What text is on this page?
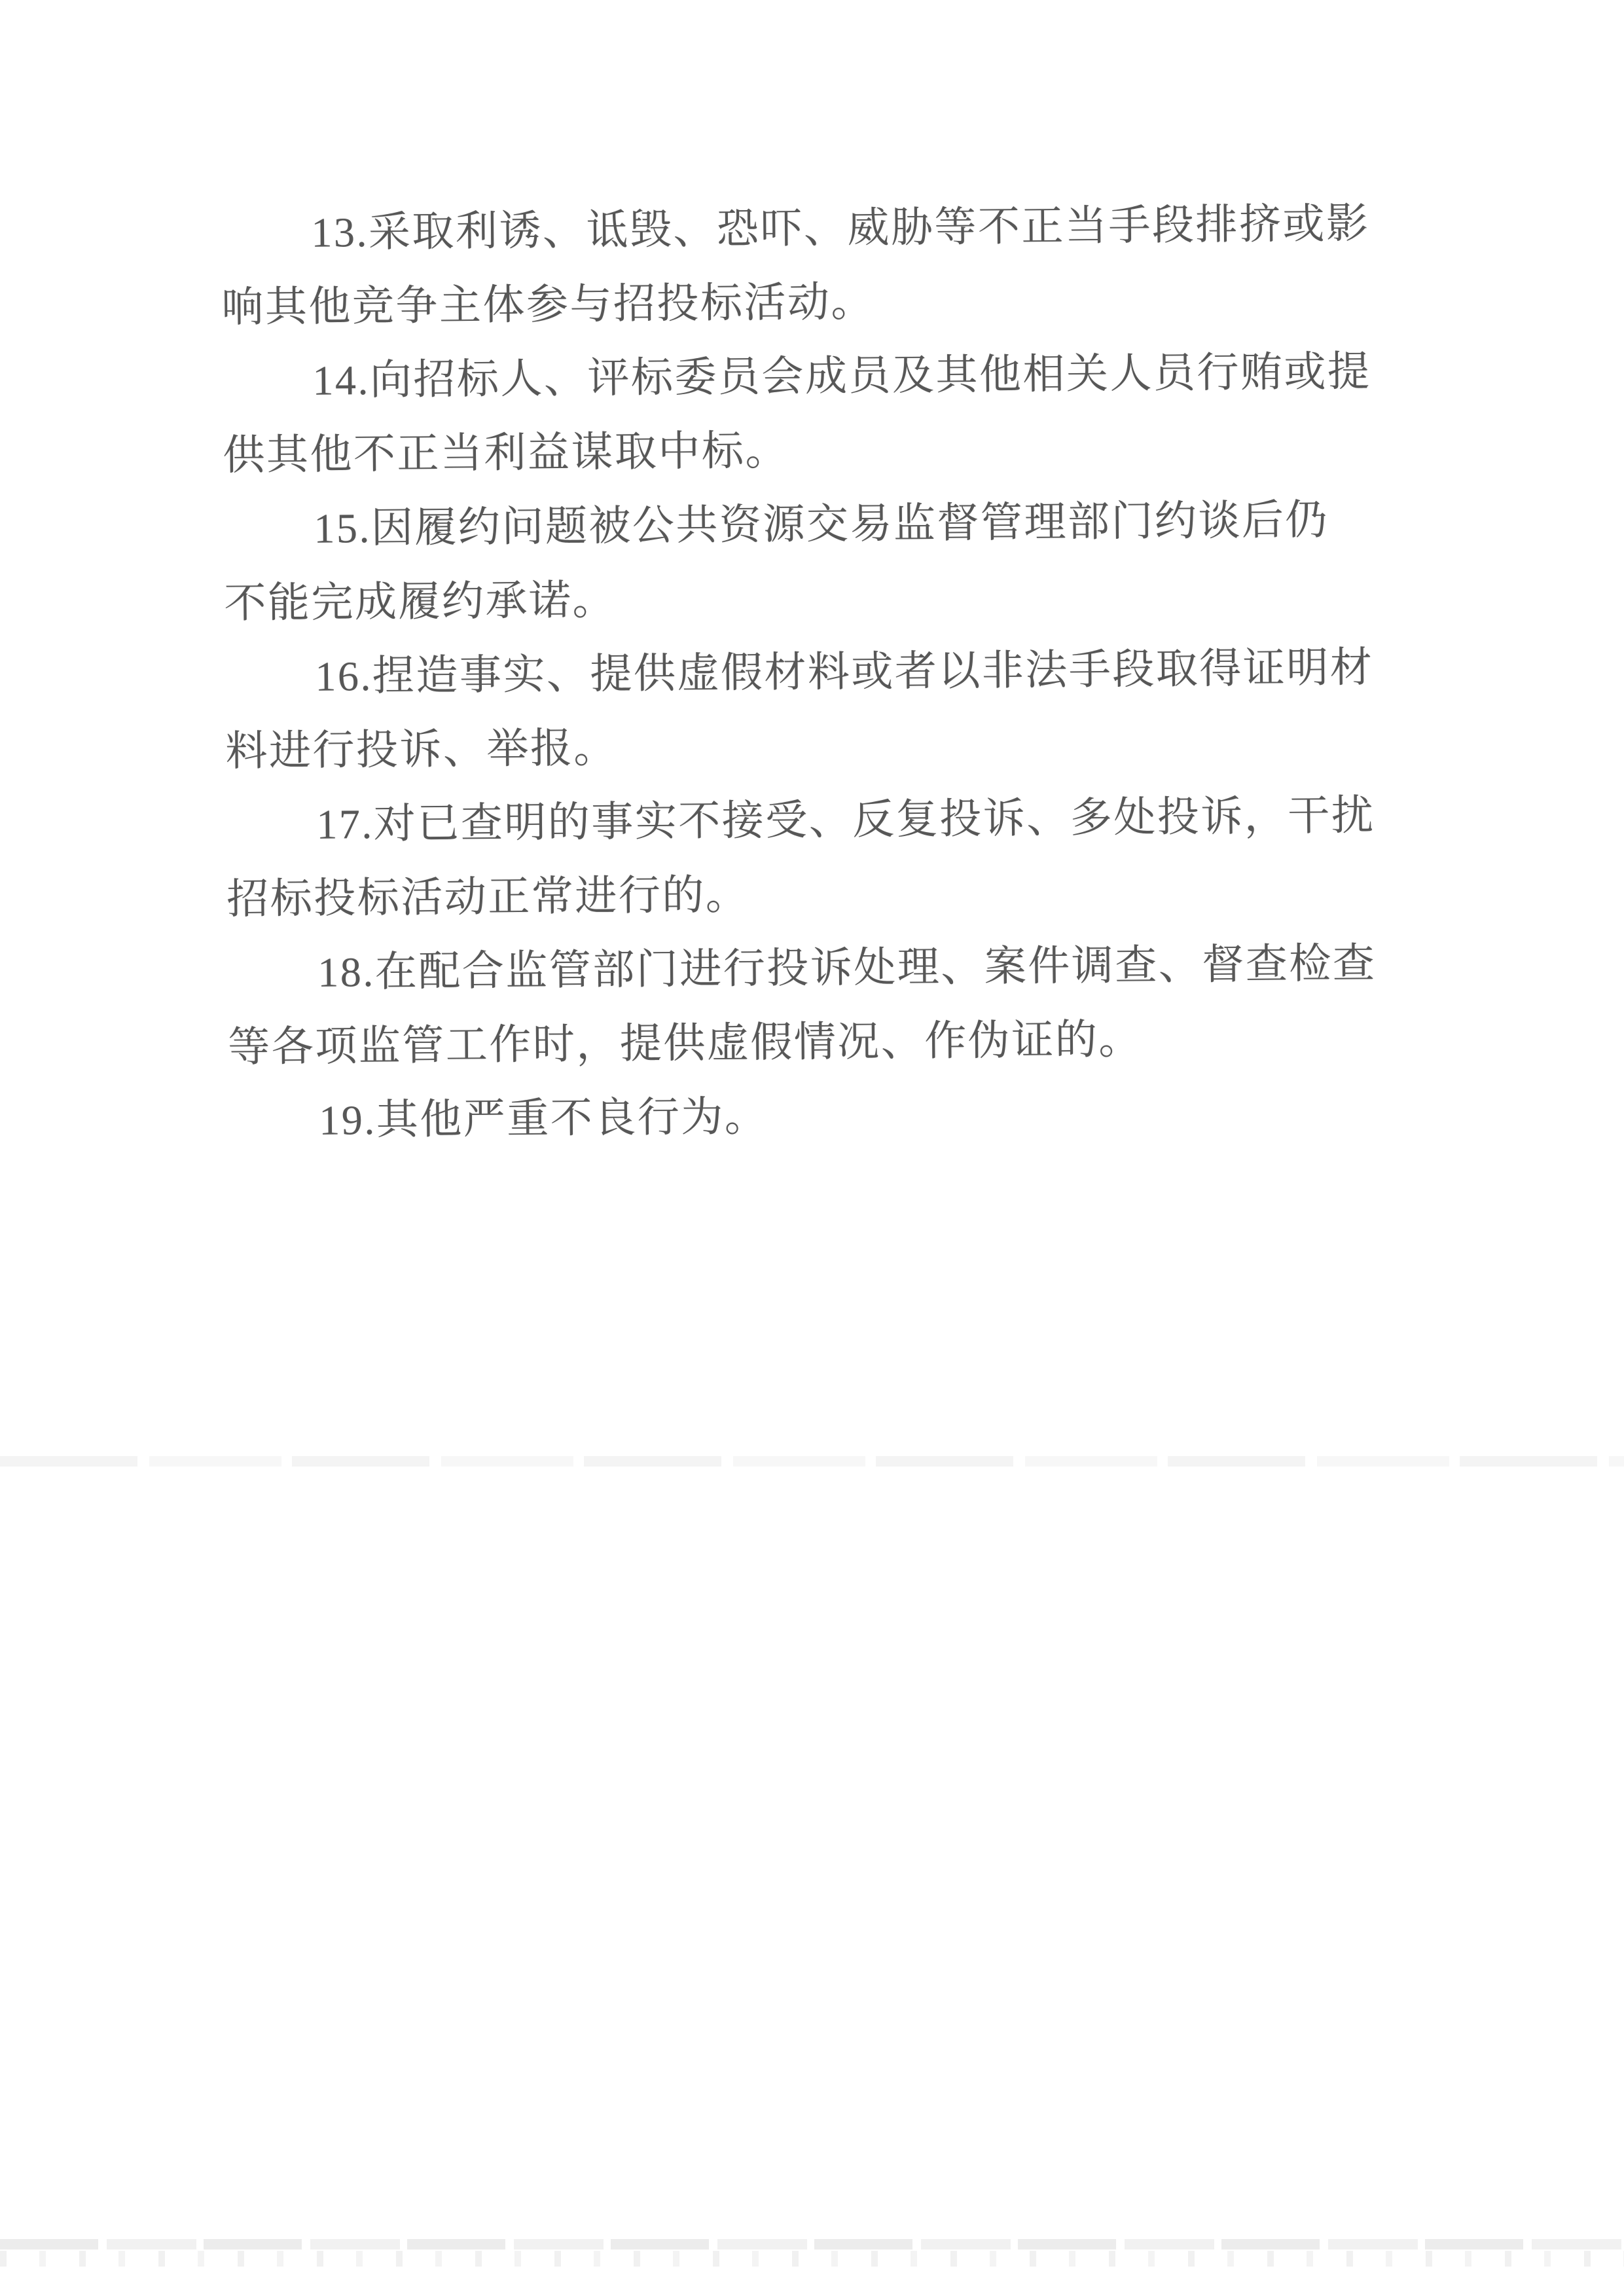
13.采取利诱、诋毁、恐吓、威胁等不正当手段排挤或影
响其他竞争主体参与招投标活动。
14.向招标人、评标委员会成员及其他相关人员行贿或提
供其他不正当利益谋取中标。
15.因履约问题被公共资源交易监督管理部门约谈后仍
不能完成履约承诺。
16.捏造事实、提供虚假材料或者以非法手段取得证明材
料进行投诉、举报。
17.对已查明的事实不接受、反复投诉、多处投诉，干扰
招标投标活动正常进行的。
18.在配合监管部门进行投诉处理、案件调查、督查检查
等各项监管工作时，提供虚假情况、作伪证的。
19.其他严重不良行为。
